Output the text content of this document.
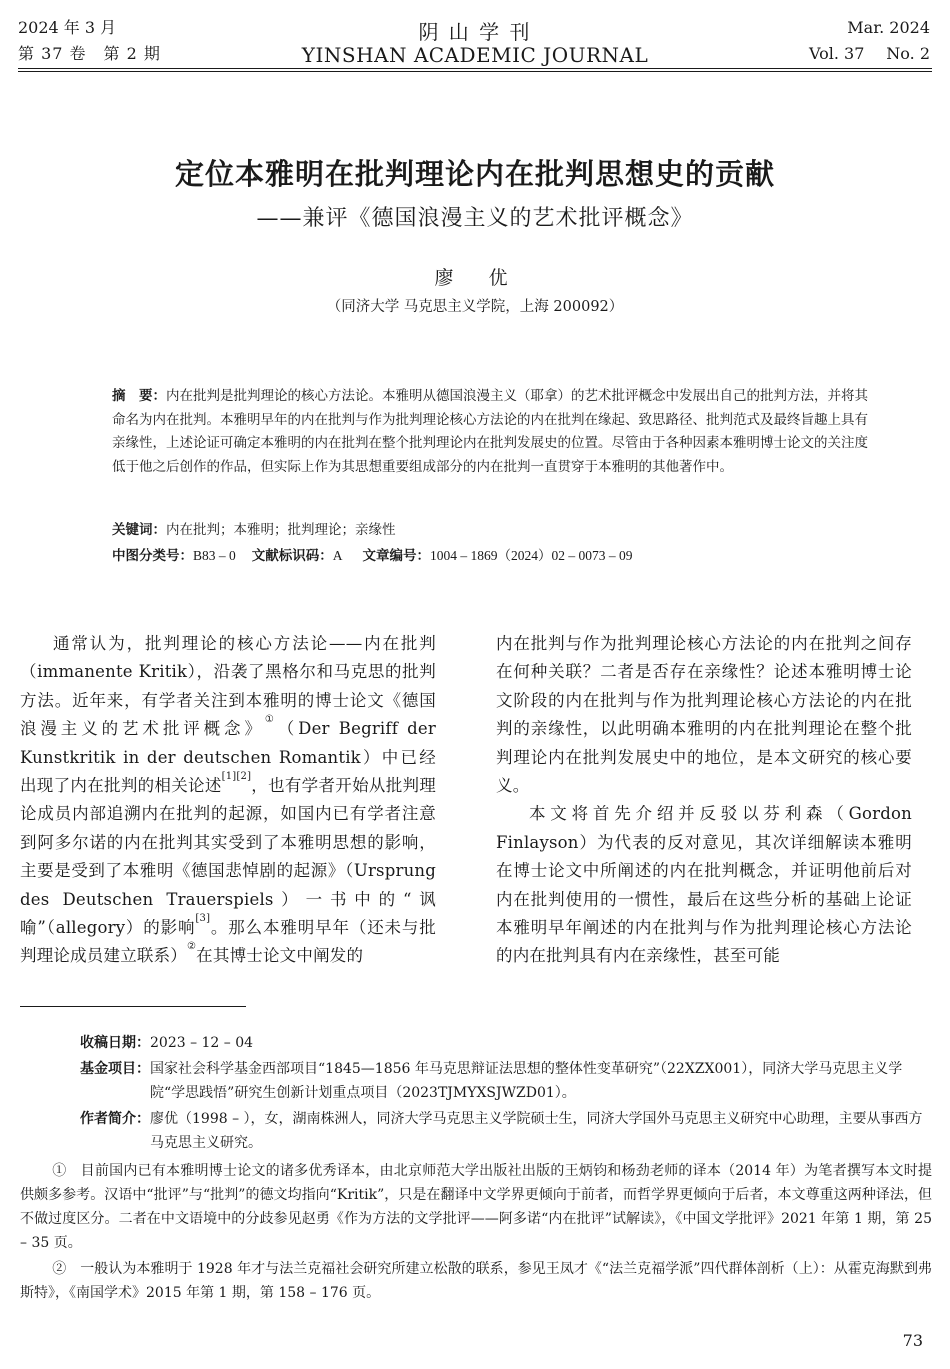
2024 年 3 月
第 37 卷　第 2 期
阴 山 学 刊
YINSHAN ACADEMIC JOURNAL
Mar. 2024
Vol. 37 No. 2
定位本雅明在批判理论内在批判思想史的贡献
——兼评《德国浪漫主义的艺术批评概念》
廖　优
（同济大学 马克思主义学院，上海 200092）
摘　要：内在批判是批判理论的核心方法论。本雅明从德国浪漫主义（耶拿）的艺术批评概念中发展出自己的批判方法，并将其命名为内在批判。本雅明早年的内在批判与作为批判理论核心方法论的内在批判在缘起、致思路径、批判范式及最终旨趣上具有亲缘性，上述论证可确定本雅明的内在批判在整个批判理论内在批判发展史的位置。尽管由于各种因素本雅明博士论文的关注度低于他之后创作的作品，但实际上作为其思想重要组成部分的内在批判一直贯穿于本雅明的其他著作中。
关键词：内在批判；本雅明；批判理论；亲缘性
中图分类号：B83 – 0 文献标识码：A 文章编号：1004 – 1869（2024）02 – 0073 – 09

通常认为，批判理论的核心方法论——内在批判（immanente Kritik），沿袭了黑格尔和马克思的批判方法。近年来，有学者关注到本雅明的博士论文《德国浪漫主义的艺术批评概念》①（Der Begriff der Kunstkritik in der deutschen Romantik）中已经出现了内在批判的相关论述[1][2]，也有学者开始从批判理论成员内部追溯内在批判的起源，如国内已有学者注意到阿多尔诺的内在批判其实受到了本雅明思想的影响，主要是受到了本雅明《德国悲悼剧的起源》（Ursprung des Deutschen Trauerspiels）一书中的“讽喻”（allegory）的影响[3]。那么本雅明早年（还未与批判理论成员建立联系）②在其博士论文中阐发的

内在批判与作为批判理论核心方法论的内在批判之间存在何种关联？二者是否存在亲缘性？论述本雅明博士论文阶段的内在批判与作为批判理论核心方法论的内在批判的亲缘性，以此明确本雅明的内在批判理论在整个批判理论内在批判发展史中的地位，是本文研究的核心要义。

本文将首先介绍并反驳以芬利森（Gordon Finlayson）为代表的反对意见，其次详细解读本雅明在博士论文中所阐述的内在批判概念，并证明他前后对内在批判使用的一惯性，最后在这些分析的基础上论证本雅明早年阐述的内在批判与作为批判理论核心方法论的内在批判具有内在亲缘性，甚至可能

收稿日期： 2023 – 12 – 04
基金项目： 国家社会科学基金西部项目“1845—1856 年马克思辩证法思想的整体性变革研究”（22XZX001），同济大学马克思主义学院“学思践悟”研究生创新计划重点项目（2023TJMYXSJWZD01）。
作者简介： 廖优（1998 – ），女，湖南株洲人，同济大学马克思主义学院硕士生，同济大学国外马克思主义研究中心助理，主要从事西方马克思主义研究。

①　目前国内已有本雅明博士论文的诸多优秀译本，由北京师范大学出版社出版的王炳钧和杨劲老师的译本（2014 年）为笔者撰写本文时提供颇多参考。汉语中“批评”与“批判”的德文均指向“Kritik”，只是在翻译中文学界更倾向于前者，而哲学界更倾向于后者，本文尊重这两种译法，但不做过度区分。二者在中文语境中的分歧参见赵勇《作为方法的文学批评——阿多诺“内在批评”试解读》，《中国文学批评》2021 年第 1 期，第 25 – 35 页。

②　一般认为本雅明于 1928 年才与法兰克福社会研究所建立松散的联系，参见王凤才《“法兰克福学派”四代群体剖析（上）：从霍克海默到弗斯特》，《南国学术》2015 年第 1 期，第 158 – 176 页。

73
